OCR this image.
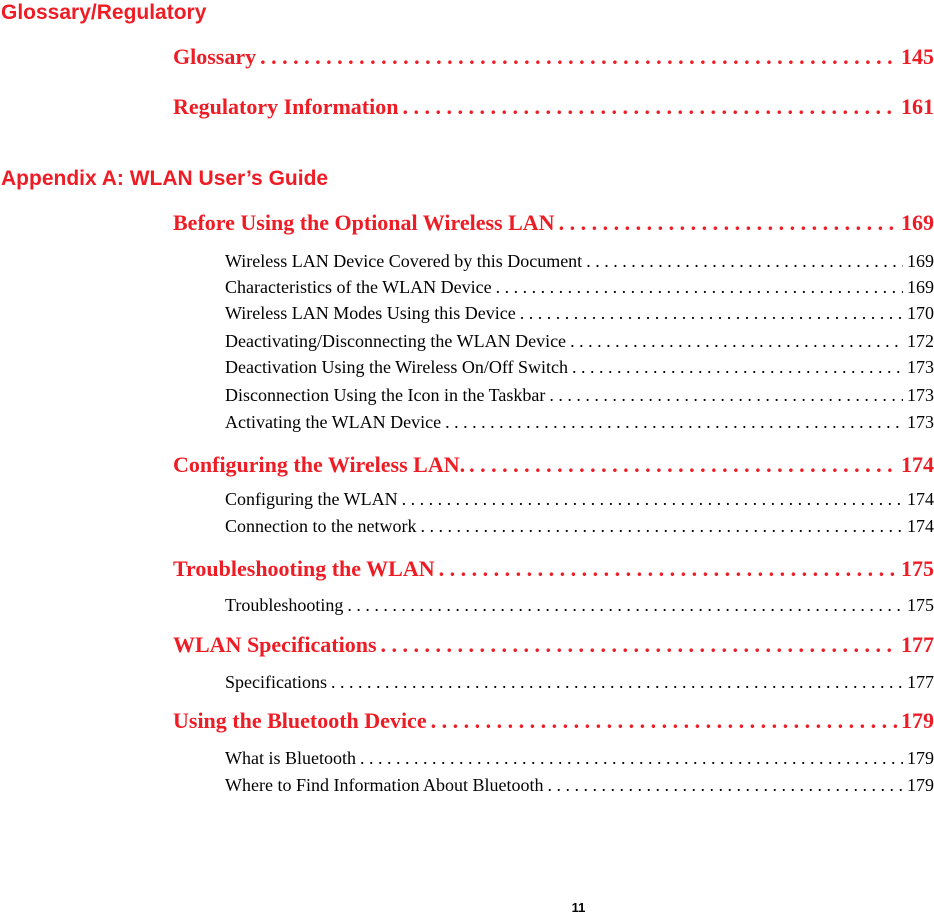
Glossary/Regulatory
Glossary . . .	145
Regulatory Information . . .	161
Appendix A: WLAN User’s Guide
Before Using the Optional Wireless LAN . . .	169
Wireless LAN Device Covered by this Document . . .	169
Characteristics of the WLAN Device . . .	169
Wireless LAN Modes Using this Device . . .	170
Deactivating/Disconnecting the WLAN Device . . .	172
Deactivation Using the Wireless On/Off Switch . . .	173
Disconnection Using the Icon in the Taskbar . . .	173
Activating the WLAN Device . . .	173
Configuring the Wireless LAN. . . .	174
Configuring the WLAN . . .	174
Connection to the network . . .	174
Troubleshooting the WLAN . . .	175
Troubleshooting . . .	175
WLAN Specifications . . .	177
Specifications . . .	177
Using the Bluetooth Device . . .	179
What is Bluetooth . . .	179
Where to Find Information About Bluetooth . . .	179

11
